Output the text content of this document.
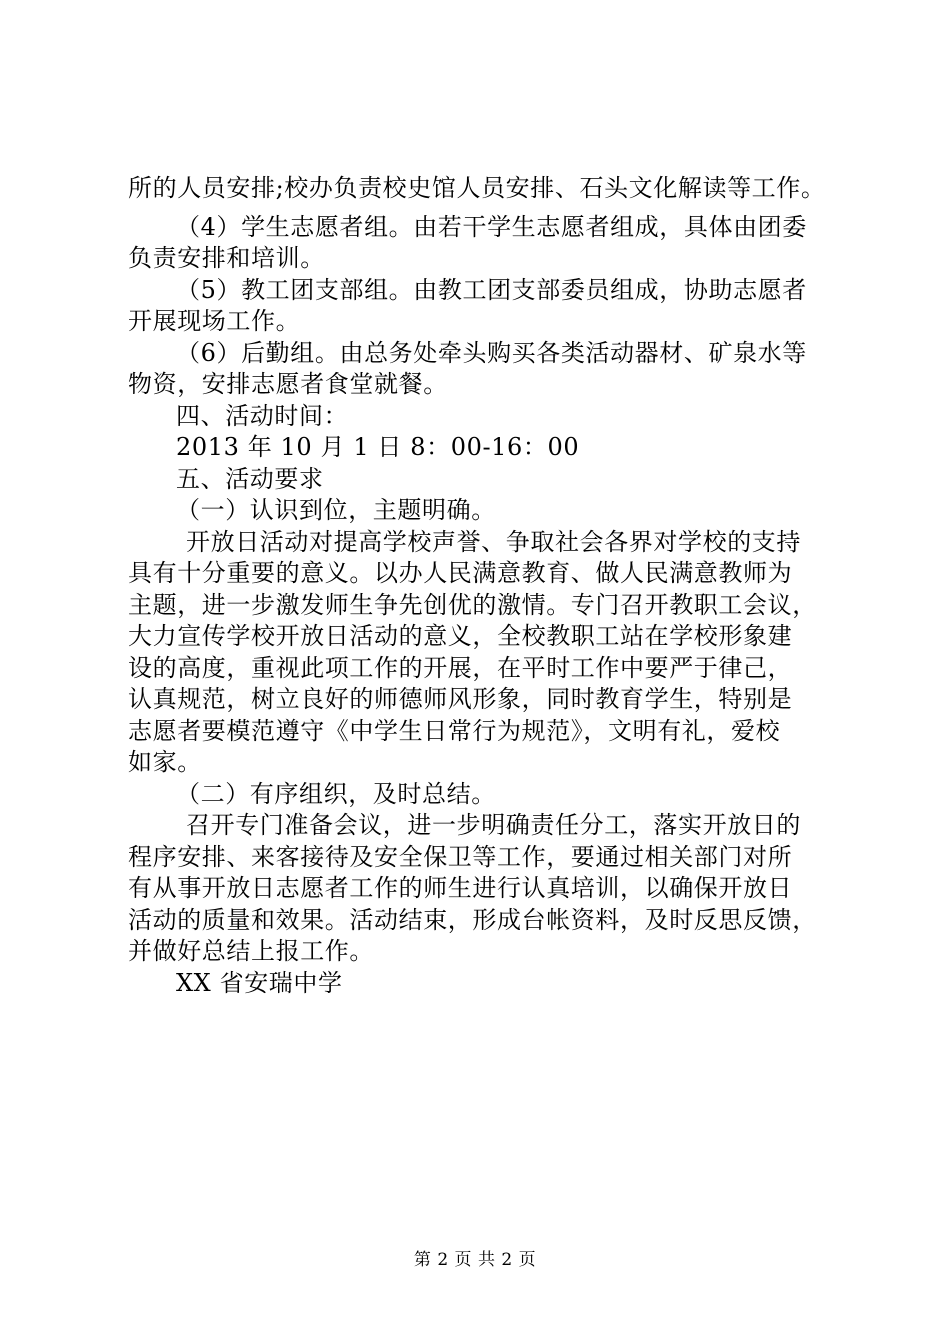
所的人员安排;校办负责校史馆人员安排、石头文化解读等工作。
（4）学生志愿者组。由若干学生志愿者组成，具体由团委
负责安排和培训。
（5）教工团支部组。由教工团支部委员组成，协助志愿者
开展现场工作。
（6）后勤组。由总务处牵头购买各类活动器材、矿泉水等
物资，安排志愿者食堂就餐。
四、活动时间：
2013 年 10 月 1 日 8：00-16：00
五、活动要求
（一）认识到位，主题明确。
开放日活动对提高学校声誉、争取社会各界对学校的支持
具有十分重要的意义。以办人民满意教育、做人民满意教师为
主题，进一步激发师生争先创优的激情。专门召开教职工会议，
大力宣传学校开放日活动的意义，全校教职工站在学校形象建
设的高度，重视此项工作的开展，在平时工作中要严于律己，
认真规范，树立良好的师德师风形象，同时教育学生，特别是
志愿者要模范遵守《中学生日常行为规范》，文明有礼，爱校
如家。
（二）有序组织，及时总结。
召开专门准备会议，进一步明确责任分工，落实开放日的
程序安排、来客接待及安全保卫等工作，要通过相关部门对所
有从事开放日志愿者工作的师生进行认真培训，以确保开放日
活动的质量和效果。活动结束，形成台帐资料，及时反思反馈，
并做好总结上报工作。
XX 省安瑞中学
第 2 页 共 2 页
